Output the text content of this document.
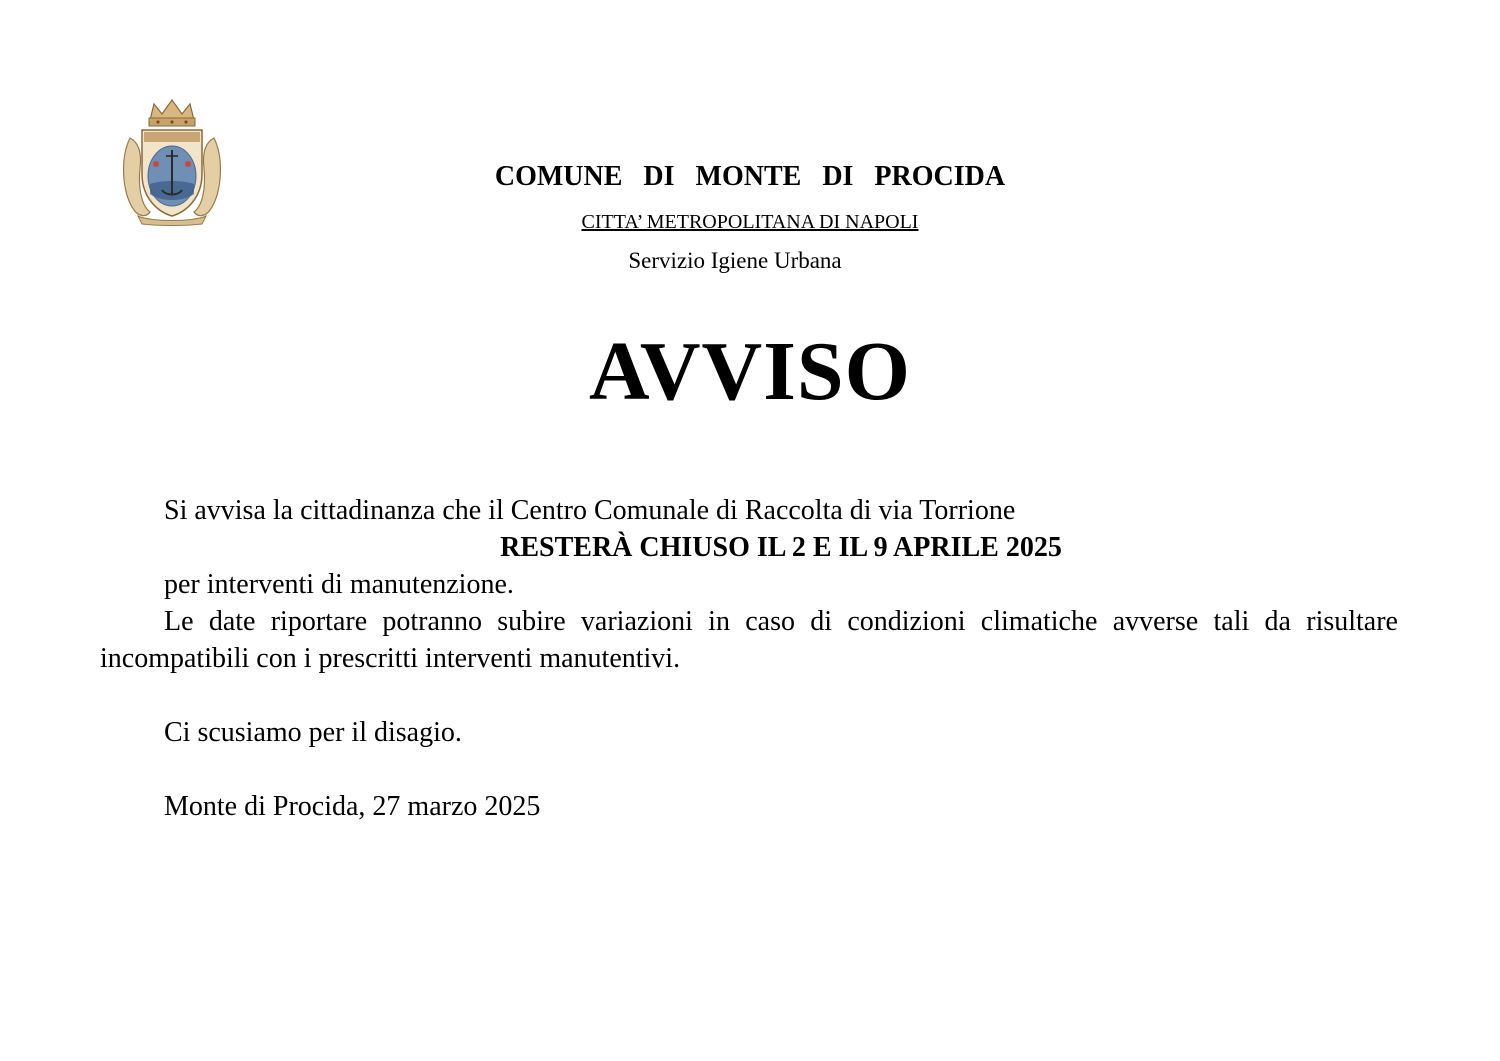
COMUNE DI MONTE DI PROCIDA
CITTA’ METROPOLITANA DI NAPOLI
Servizio Igiene Urbana
AVVISO

Si avvisa la cittadinanza che il Centro Comunale di Raccolta di via Torrione

RESTERÀ CHIUSO IL 2 E IL 9 APRILE 2025

per interventi di manutenzione.

Le date riportare potranno subire variazioni in caso di condizioni climatiche avverse tali da risultare incompatibili con i prescritti interventi manutentivi.

Ci scusiamo per il disagio.

Monte di Procida, 27 marzo 2025
